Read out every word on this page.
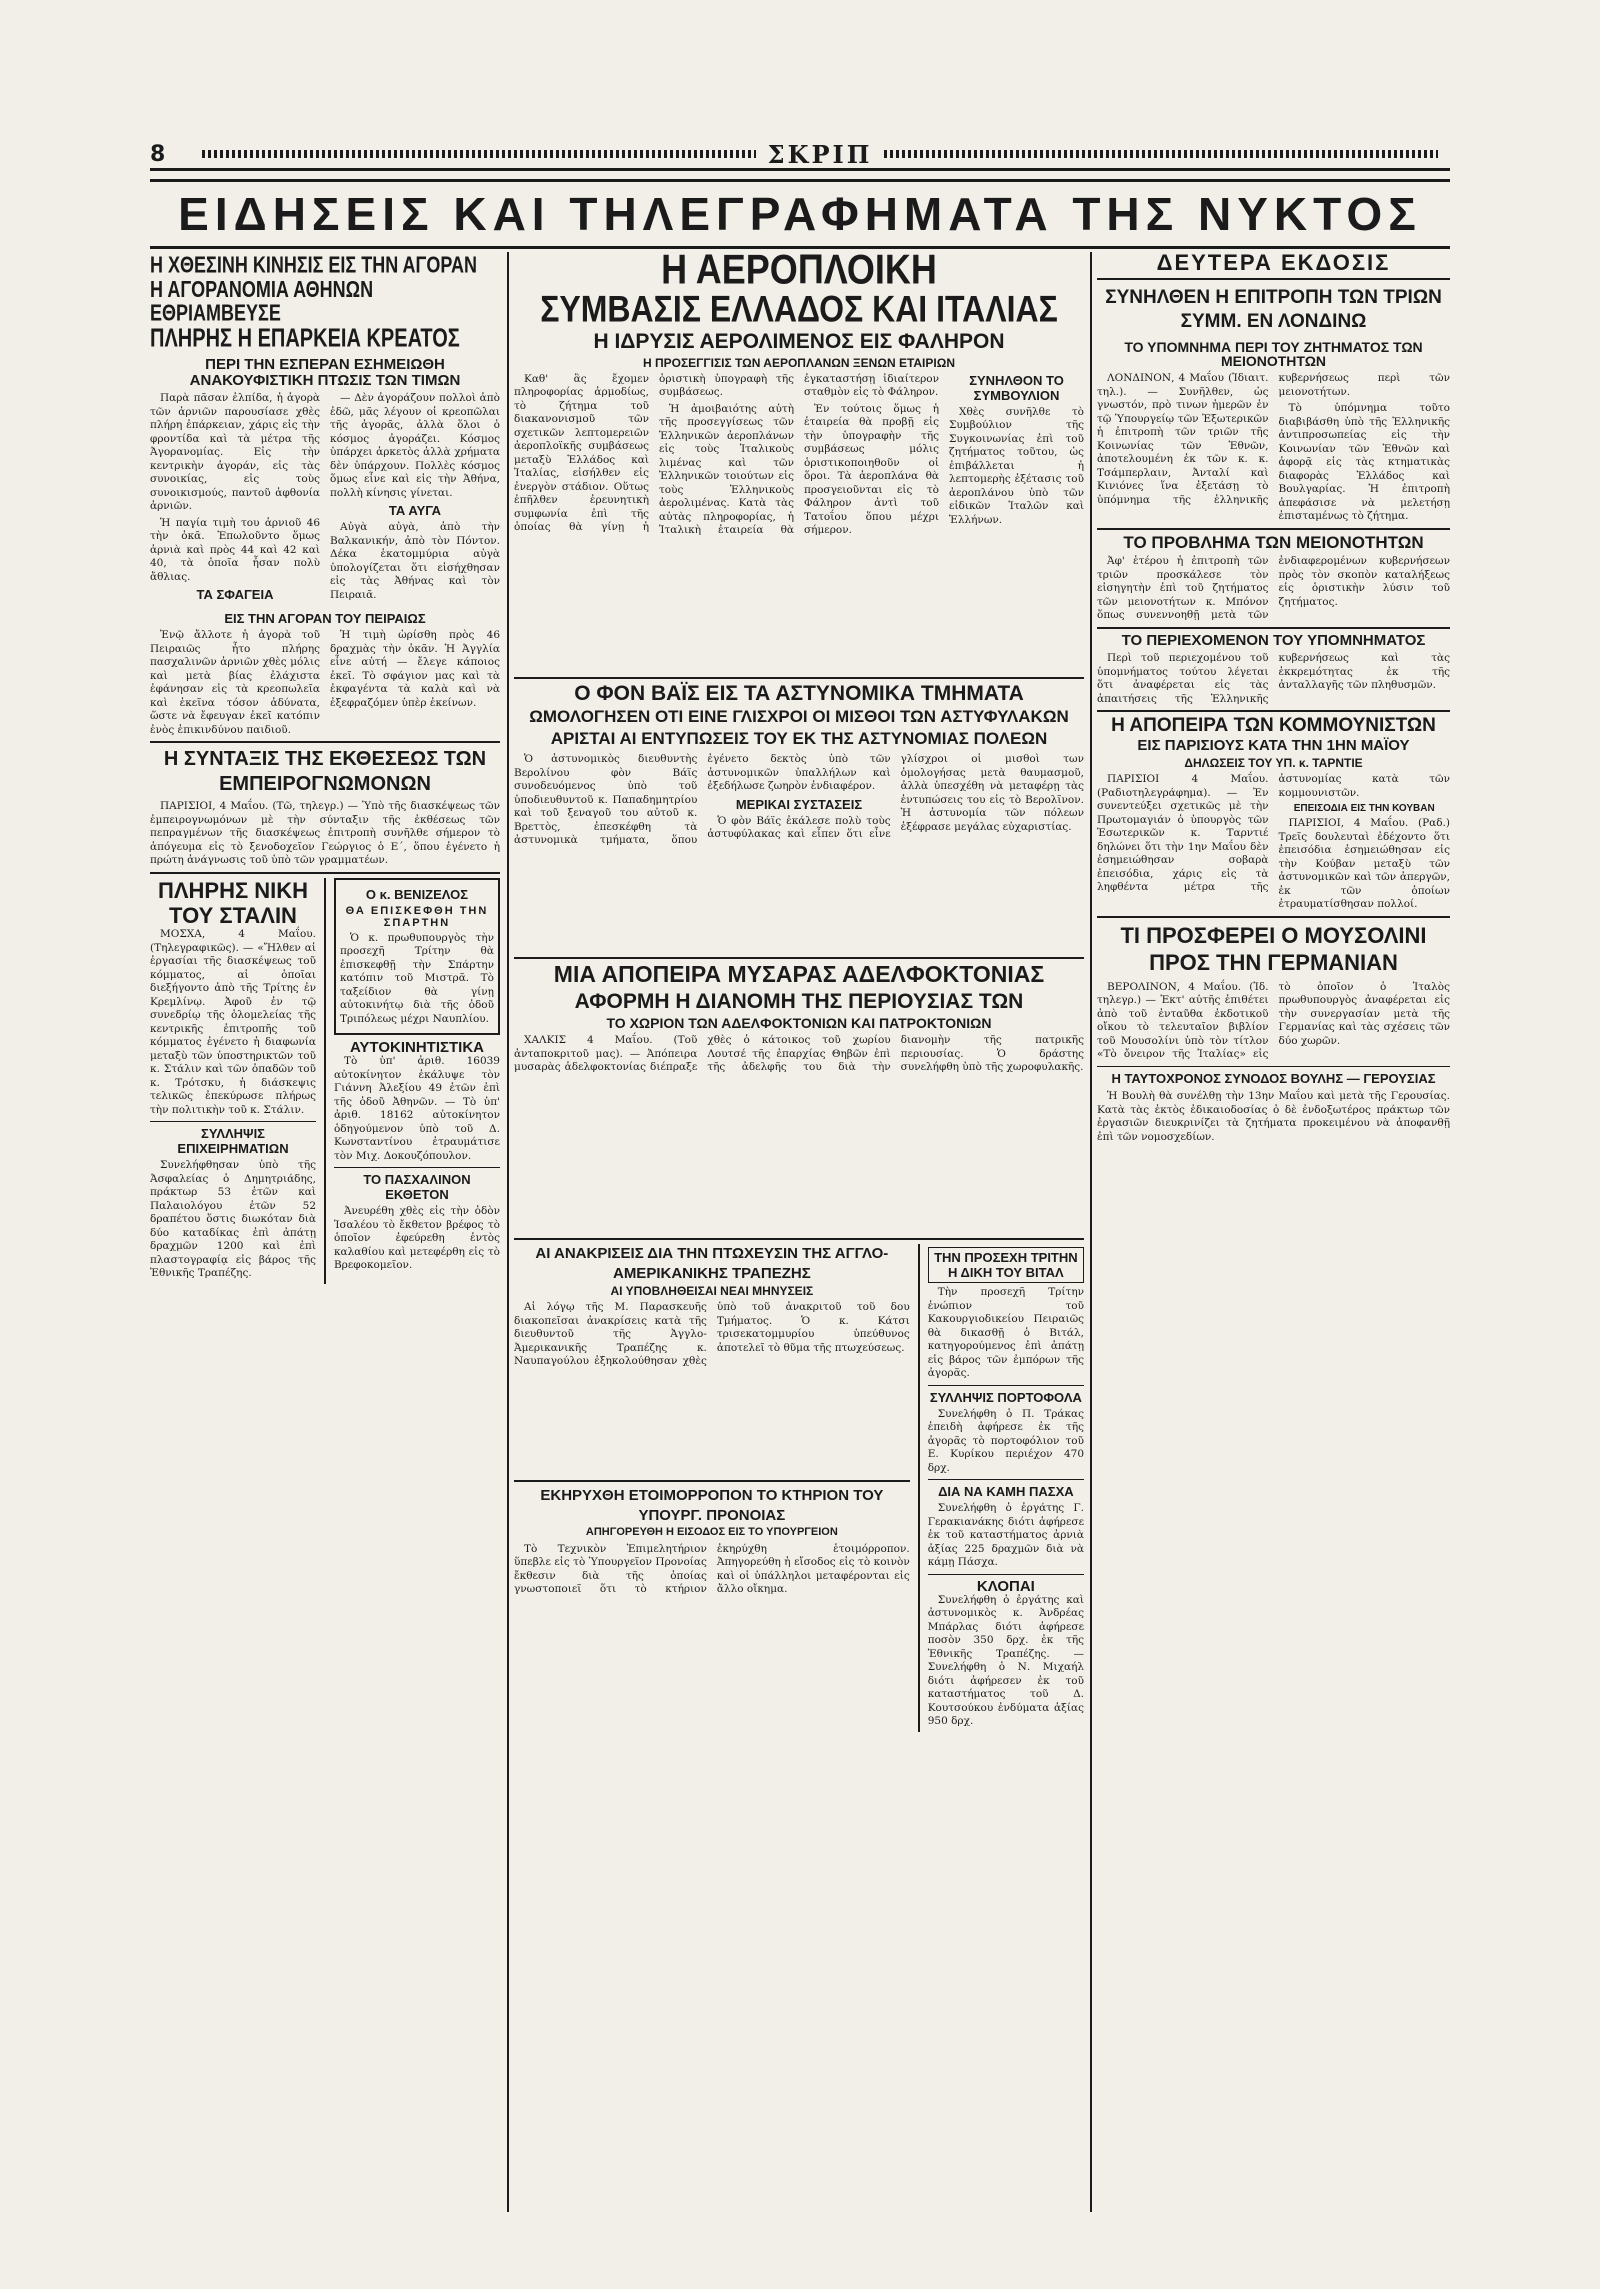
8	ΣΚΡΙΠ
ΕΙΔΗΣΕΙΣ ΚΑΙ ΤΗΛΕΓΡΑΦΗΜΑΤΑ ΤΗΣ ΝΥΚΤΟΣ
Η ΧΘΕΣΙΝΗ ΚΙΝΗΣΙΣ ΕΙΣ ΤΗΝ ΑΓΟΡΑΝ
Η ΑΓΟΡΑΝΟΜΙΑ ΑΘΗΝΩΝ ΕΘΡΙΑΜΒΕΥΣΕ
ΠΛΗΡΗΣ Η ΕΠΑΡΚΕΙΑ ΚΡΕΑΤΟΣ
ΠΕΡΙ ΤΗΝ ΕΣΠΕΡΑΝ ΕΣΗΜΕΙΩΘΗ
ΑΝΑΚΟΥΦΙΣΤΙΚΗ ΠΤΩΣΙΣ ΤΩΝ ΤΙΜΩΝ

Παρὰ πᾶσαν ἐλπίδα, ἡ ἀγορὰ τῶν ἀρνιῶν παρουσίασε χθὲς πλήρη ἐπάρκειαν, χάρις εἰς τὴν φροντίδα καὶ τὰ μέτρα τῆς Ἀγορανομίας. Εἰς τὴν κεντρικὴν ἀγοράν, εἰς τὰς συνοικίας, εἰς τοὺς συνοικισμούς, παντοῦ ἀφθονία ἀρνιῶν.

Ἡ παγία τιμὴ του ἀρνιοῦ 46 τὴν ὀκᾶ. Ἐπωλοῦντο ὅμως ἀρνιὰ καὶ πρὸς 44 καὶ 42 καὶ 40, τὰ ὁποῖα ἦσαν πολὺ ἄθλιας.

ΤΑ ΣΦΑΓΕΙΑ

— Δὲν ἀγοράζουν πολλοὶ ἀπὸ ἐδῶ, μᾶς λέγουν οἱ κρεοπῶλαι τῆς ἀγορᾶς, ἀλλὰ ὅλοι ὁ κόσμος ἀγοράζει. Κόσμος ὑπάρχει ἀρκετὸς ἀλλὰ χρήματα δὲν ὑπάρχουν. Πολλὲς κόσμος ὅμως εἶνε καὶ εἰς τὴν Ἀθήνα, πολλὴ κίνησις γίνεται.

ΤΑ ΑΥΓΑ

Αὐγὰ αὐγὰ, ἀπὸ τὴν Βαλκανικήν, ἀπὸ τὸν Πόντον. Δέκα ἑκατομμύρια αὐγὰ ὑπολογίζεται ὅτι εἰσήχθησαν εἰς τὰς Ἀθήνας καὶ τὸν Πειραιᾶ.

ΕΙΣ ΤΗΝ ΑΓΟΡΑΝ ΤΟΥ ΠΕΙΡΑΙΩΣ

Ἐνῷ ἄλλοτε ἡ ἀγορὰ τοῦ Πειραιῶς ἦτο πλήρης πασχαλινῶν ἀρνιῶν χθὲς μόλις καὶ μετὰ βίας ἐλάχιστα ἐφάνησαν εἰς τὰ κρεοπωλεῖα καὶ ἐκεῖνα τόσον ἀδύνατα, ὥστε νὰ ἔφευγαν ἐκεῖ κατόπιν ἐνὸς ἐπικινδύνου παιδιοῦ.

Ἡ τιμὴ ὡρίσθη πρὸς 46 δραχμὰς τὴν ὀκᾶν. Ἡ Ἀγγλία εἶνε αὐτή — ἔλεγε κάποιος ἐκεῖ. Τὸ σφάγιον μας καὶ τὰ ἐκφαγέντα τὰ καλὰ καὶ νὰ ἐξεφραζόμεν ὑπὲρ ἐκείνων.

Η ΣΥΝΤΑΞΙΣ ΤΗΣ ΕΚΘΕΣΕΩΣ ΤΩΝ ΕΜΠΕΙΡΟΓΝΩΜΟΝΩΝ

ΠΑΡΙΣΙΟΙ, 4 Μαΐου. (Τῶ, τηλεγρ.) — Ὑπὸ τῆς διασκέψεως τῶν ἐμπειρογνωμόνων μὲ τὴν σύνταξιν τῆς ἐκθέσεως τῶν πεπραγμένων τῆς διασκέψεως ἐπιτροπὴ συνῆλθε σήμερον τὸ ἀπόγευμα εἰς τὸ ξενοδοχεῖον Γεώργιος ὁ Ε΄, ὅπου ἐγένετο ἡ πρώτη ἀνάγνωσις τοῦ ὑπὸ τῶν γραμματέων.

ΠΛΗΡΗΣ ΝΙΚΗ ΤΟΥ ΣΤΑΛΙΝ

ΜΟΣΧΑ, 4 Μαΐου. (Τηλεγραφικῶς). — «Ἤλθεν αἱ ἐργασίαι τῆς διασκέψεως τοῦ κόμματος, αἱ ὁποῖαι διεξήγοντο ἀπὸ τῆς Τρίτης ἐν Κρεμλίνῳ. Ἀφοῦ ἐν τῷ συνεδρίῳ τῆς ὁλομελείας τῆς κεντρικῆς ἐπιτροπῆς τοῦ κόμματος ἐγένετο ἡ διαφωνία μεταξὺ τῶν ὑποστηρικτῶν τοῦ κ. Στάλιν καὶ τῶν ὀπαδῶν τοῦ κ. Τρότσκυ, ἡ διάσκεψις τελικῶς ἐπεκύρωσε πλήρως τὴν πολιτικὴν τοῦ κ. Στάλιν.

ΣΥΛΛΗΨΙΣ ΕΠΙΧΕΙΡΗΜΑΤΙΩΝ

Συνελήφθησαν ὑπὸ τῆς Ἀσφαλείας ὁ Δημητριάδης, πράκτωρ 53 ἐτῶν καὶ Παλαιολόγου ἐτῶν 52 δραπέτου ὅστις διωκόταν διὰ δύο καταδίκας ἐπὶ ἀπάτῃ δραχμῶν 1200 καὶ ἐπὶ πλαστογραφίᾳ εἰς βάρος τῆς Ἐθνικῆς Τραπέζης.

Ο κ. ΒΕΝΙΖΕΛΟΣ
ΘΑ ΕΠΙΣΚΕΦΘΗ ΤΗΝ ΣΠΑΡΤΗΝ

Ὁ κ. πρωθυπουργὸς τὴν προσεχῆ Τρίτην θὰ ἐπισκεφθῇ τὴν Σπάρτην κατόπιν τοῦ Μιστρᾶ. Τὸ ταξείδιον θὰ γίνῃ αὐτοκινήτῳ διὰ τῆς ὁδοῦ Τριπόλεως μέχρι Ναυπλίου.

ΑΥΤΟΚΙΝΗΤΙΣΤΙΚΑ

Τὸ ὑπ' ἀριθ. 16039 αὐτοκίνητον ἐκάλυψε τὸν Γιάννη Ἀλεξίου 49 ἐτῶν ἐπὶ τῆς ὁδοῦ Ἀθηνῶν. — Τὸ ὑπ' ἀριθ. 18162 αὐτοκίνητον ὁδηγούμενον ὑπὸ τοῦ Δ. Κωνσταντίνου ἐτραυμάτισε τὸν Μιχ. Δοκουζόπουλον.

ΤΟ ΠΑΣΧΑΛΙΝΟΝ ΕΚΘΕΤΟΝ

Ἀνευρέθη χθὲς εἰς τὴν ὁδὸν Ἰσαλέου τὸ ἔκθετον βρέφος τὸ ὁποῖον ἐφεύρεθη ἐντὸς καλαθίου καὶ μετεφέρθη εἰς τὸ Βρεφοκομεῖον.

Η ΑΕΡΟΠΛΟΙΚΗ
ΣΥΜΒΑΣΙΣ ΕΛΛΑΔΟΣ ΚΑΙ ΙΤΑΛΙΑΣ
Η ΙΔΡΥΣΙΣ ΑΕΡΟΛΙΜΕΝΟΣ ΕΙΣ ΦΑΛΗΡΟΝ
Η ΠΡΟΣΕΓΓΙΣΙΣ ΤΩΝ ΑΕΡΟΠΛΑΝΩΝ ΞΕΝΩΝ ΕΤΑΙΡΙΩΝ

Καθ' ἃς ἔχομεν πληροφορίας ἀρμοδίως, τὸ ζήτημα τοῦ διακανονισμοῦ τῶν σχετικῶν λεπτομερειῶν ἀεροπλοϊκῆς συμβάσεως μεταξὺ Ἑλλάδος καὶ Ἰταλίας, εἰσήλθεν εἰς ἐνεργὸν στάδιον. Οὕτως ἐπῆλθεν ἐρευνητικὴ συμφωνία ἐπὶ τῆς ὁποίας θὰ γίνῃ ἡ ὁριστικὴ ὑπογραφὴ τῆς συμβάσεως.

Ἡ ἀμοιβαιότης αὐτὴ τῆς προσεγγίσεως τῶν Ἑλληνικῶν ἀεροπλάνων εἰς τοὺς Ἰταλικοὺς λιμένας καὶ τῶν Ἑλληνικῶν τοιούτων εἰς τοὺς Ἑλληνικοὺς ἀερολιμένας. Κατὰ τὰς αὐτὰς πληροφορίας, ἡ Ἰταλικὴ ἐταιρεία θὰ ἐγκαταστήσῃ ἰδιαίτερον σταθμὸν εἰς τὸ Φάληρον.

Ἐν τούτοις ὅμως ἡ ἐταιρεία θὰ προβῇ εἰς τὴν ὑπογραφὴν τῆς συμβάσεως μόλις ὁριστικοποιηθοῦν οἱ ὅροι. Τὰ ἀεροπλάνα θὰ προσγειοῦνται εἰς τὸ Φάληρον ἀντὶ τοῦ Τατοΐου ὅπου μέχρι σήμερον.

ΣΥΝΗΛΘΟΝ ΤΟ ΣΥΜΒΟΥΛΙΟΝ

Χθὲς συνῆλθε τὸ Συμβούλιον τῆς Συγκοινωνίας ἐπὶ τοῦ ζητήματος τοῦτου, ὡς ἐπιβάλλεται ἡ λεπτομερὴς ἐξέτασις τοῦ ἀεροπλάνου ὑπὸ τῶν εἰδικῶν Ἰταλῶν καὶ Ἑλλήνων.

Ο ΦΟΝ ΒΑΪΣ ΕΙΣ ΤΑ ΑΣΤΥΝΟΜΙΚΑ ΤΜΗΜΑΤΑ
ΩΜΟΛΟΓΗΣΕΝ ΟΤΙ ΕΙΝΕ ΓΛΙΣΧΡΟΙ ΟΙ ΜΙΣΘΟΙ ΤΩΝ ΑΣΤΥΦΥΛΑΚΩΝ
ΑΡΙΣΤΑΙ ΑΙ ΕΝΤΥΠΩΣΕΙΣ ΤΟΥ ΕΚ ΤΗΣ ΑΣΤΥΝΟΜΙΑΣ ΠΟΛΕΩΝ

Ὁ ἀστυνομικὸς διευθυντὴς Βερολίνου φὸν Βάϊς συνοδευόμενος ὑπὸ τοῦ ὑποδιευθυντοῦ κ. Παπαδημητρίου καὶ τοῦ ξεναγοῦ του αὐτοῦ κ. Βρεττὸς, ἐπεσκέφθη τὰ ἀστυνομικὰ τμήματα, ὅπου ἐγένετο δεκτὸς ὑπὸ τῶν ἀστυνομικῶν ὑπαλλήλων καὶ ἐξεδήλωσε ζωηρὸν ἐνδιαφέρον.

ΜΕΡΙΚΑΙ ΣΥΣΤΑΣΕΙΣ

Ὁ φὸν Βάϊς ἐκάλεσε πολὺ τοὺς ἀστυφύλακας καὶ εἶπεν ὅτι εἶνε γλίσχροι οἱ μισθοὶ των ὁμολογήσας μετὰ θαυμασμοῦ, ἀλλὰ ὑπεσχέθη νὰ μεταφέρῃ τὰς ἐντυπώσεις του εἰς τὸ Βερολῖνον. Ἡ ἀστυνομία τῶν πόλεων ἐξέφρασε μεγάλας εὐχαριστίας.

ΜΙΑ ΑΠΟΠΕΙΡΑ ΜΥΣΑΡΑΣ ΑΔΕΛΦΟΚΤΟΝΙΑΣ
ΑΦΟΡΜΗ Η ΔΙΑΝΟΜΗ ΤΗΣ ΠΕΡΙΟΥΣΙΑΣ ΤΩΝ
ΤΟ ΧΩΡΙΟΝ ΤΩΝ ΑΔΕΛΦΟΚΤΟΝΙΩΝ ΚΑΙ ΠΑΤΡΟΚΤΟΝΙΩΝ

ΧΑΛΚΙΣ 4 Μαΐου. (Τοῦ ἀνταποκριτοῦ μας). — Ἀπόπειρα μυσαρὰς ἀδελφοκτονίας διέπραξε χθὲς ὁ κάτοικος τοῦ χωρίου Λουτσέ τῆς ἐπαρχίας Θηβῶν ἐπὶ τῆς ἀδελφῆς του διὰ τὴν διανομὴν τῆς πατρικῆς περιουσίας. Ὁ δράστης συνελήφθη ὑπὸ τῆς χωροφυλακῆς.

ΑΙ ΑΝΑΚΡΙΣΕΙΣ ΔΙΑ ΤΗΝ ΠΤΩΧΕΥΣΙΝ ΤΗΣ ΑΓΓΛΟ-ΑΜΕΡΙΚΑΝΙΚΗΣ ΤΡΑΠΕΖΗΣ
ΑΙ ΥΠΟΒΛΗΘΕΙΣΑΙ ΝΕΑΙ ΜΗΝΥΣΕΙΣ

Αἱ λόγῳ τῆς Μ. Παρασκευῆς διακοπεῖσαι ἀνακρίσεις κατὰ τῆς διευθυντοῦ τῆς Ἀγγλο-Ἀμερικανικῆς Τραπέζης κ. Ναυπαγούλου ἐξηκολούθησαν χθὲς ὑπὸ τοῦ ἀνακριτοῦ τοῦ δου Τμήματος. Ὁ κ. Κάτσι τρισεκατομμυρίου ὑπεύθυνος ἀποτελεῖ τὸ θῦμα τῆς πτωχεύσεως.

ΕΚΗΡΥΧΘΗ ΕΤΟΙΜΟΡΡΟΠΟΝ ΤΟ ΚΤΗΡΙΟΝ ΤΟΥ ΥΠΟΥΡΓ. ΠΡΟΝΟΙΑΣ
ΑΠΗΓΟΡΕΥΘΗ Η ΕΙΣΟΔΟΣ ΕΙΣ ΤΟ ΥΠΟΥΡΓΕΙΟΝ

Τὸ Τεχνικὸν Ἐπιμελητήριον ὕπεβλε εἰς τὸ Ὑπουργεῖον Προνοίας ἔκθεσιν διὰ τῆς ὁποίας γνωστοποιεῖ ὅτι τὸ κτήριον ἐκηρύχθη ἑτοιμόρροπον. Ἀπηγορεύθη ἡ εἴσοδος εἰς τὸ κοινὸν καὶ οἱ ὑπάλληλοι μεταφέρονται εἰς ἄλλο οἴκημα.

ΤΗΝ ΠΡΟΣΕΧΗ ΤΡΙΤΗΝ Η ΔΙΚΗ ΤΟΥ ΒΙΤΑΛ

Τὴν προσεχῆ Τρίτην ἐνώπιον τοῦ Κακουργιοδικείου Πειραιῶς θὰ δικασθῇ ὁ Βιτάλ, κατηγορούμενος ἐπὶ ἀπάτῃ εἰς βάρος τῶν ἐμπόρων τῆς ἀγορᾶς.

ΣΥΛΛΗΨΙΣ ΠΟΡΤΟΦΟΛΑ

Συνελήφθη ὁ Π. Τράκας ἐπειδὴ ἀφήρεσε ἐκ τῆς ἀγορᾶς τὸ πορτοφόλιον τοῦ Ε. Κυρίκου περιέχον 470 δρχ.

ΔΙΑ ΝΑ ΚΑΜΗ ΠΑΣΧΑ

Συνελήφθη ὁ ἐργάτης Γ. Γερακιανάκης διότι ἀφήρεσε ἐκ τοῦ καταστήματος ἀρνιὰ ἀξίας 225 δραχμῶν διὰ νὰ κάμῃ Πάσχα.

ΚΛΟΠΑΙ

Συνελήφθη ὁ ἐργάτης καὶ ἀστυνομικὸς κ. Ἀνδρέας Μπάρλας διότι ἀφήρεσε ποσὸν 350 δρχ. ἐκ τῆς Ἐθνικῆς Τραπέζης. — Συνελήφθη ὁ Ν. Μιχαήλ διότι ἀφήρεσεν ἐκ τοῦ καταστήματος τοῦ Δ. Κουτσούκου ἐνδύματα ἀξίας 950 δρχ.

ΔΕΥΤΕΡΑ ΕΚΔΟΣΙΣ
ΣΥΝΗΛΘΕΝ Η ΕΠΙΤΡΟΠΗ ΤΩΝ ΤΡΙΩΝ ΣΥΜΜ. ΕΝ ΛΟΝΔΙΝΩ
ΤΟ ΥΠΟΜΝΗΜΑ ΠΕΡΙ ΤΟΥ ΖΗΤΗΜΑΤΟΣ ΤΩΝ ΜΕΙΟΝΟΤΗΤΩΝ

ΛΟΝΔΙΝΟΝ, 4 Μαΐου (Ἰδιαιτ. τηλ.). — Συνῆλθεν, ὡς γνωστόν, πρὸ τινων ἡμερῶν ἐν τῷ Ὑπουργείῳ τῶν Ἐξωτερικῶν ἡ ἐπιτροπὴ τῶν τριῶν τῆς Κοινωνίας τῶν Ἐθνῶν, ἀποτελουμένη ἐκ τῶν κ. κ. Τσάμπερλαιν, Ἀνταλί καὶ Κινιόνες ἵνα ἐξετάσῃ τὸ ὑπόμνημα τῆς ἑλληνικῆς κυβερνήσεως περὶ τῶν μειονοτήτων.

Τὸ ὑπόμνημα τοῦτο διαβιβάσθη ὑπὸ τῆς Ἑλληνικῆς ἀντιπροσωπείας εἰς τὴν Κοινωνίαν τῶν Ἐθνῶν καὶ ἀφορᾷ εἰς τὰς κτηματικὰς διαφορὰς Ἑλλάδος καὶ Βουλγαρίας. Ἡ ἐπιτροπὴ ἀπεφάσισε νὰ μελετήσῃ ἐπισταμένως τὸ ζήτημα.

ΤΟ ΠΡΟΒΛΗΜΑ ΤΩΝ ΜΕΙΟΝΟΤΗΤΩΝ

Ἀφ' ἑτέρου ἡ ἐπιτροπὴ τῶν τριῶν προσκάλεσε τὸν εἰσηγητὴν ἐπὶ τοῦ ζητήματος τῶν μειονοτήτων κ. Μπόνον ὅπως συνεννοηθῇ μετὰ τῶν ἐνδιαφερομένων κυβερνήσεων πρὸς τὸν σκοπὸν καταλήξεως εἰς ὁριστικὴν λύσιν τοῦ ζητήματος.

ΤΟ ΠΕΡΙΕΧΟΜΕΝΟΝ ΤΟΥ ΥΠΟΜΝΗΜΑΤΟΣ

Περὶ τοῦ περιεχομένου τοῦ ὑπομνήματος τούτου λέγεται ὅτι ἀναφέρεται εἰς τὰς ἀπαιτήσεις τῆς Ἑλληνικῆς κυβερνήσεως καὶ τὰς ἐκκρεμότητας ἐκ τῆς ἀνταλλαγῆς τῶν πληθυσμῶν.

Η ΑΠΟΠΕΙΡΑ ΤΩΝ ΚΟΜΜΟΥΝΙΣΤΩΝ
ΕΙΣ ΠΑΡΙΣΙΟΥΣ ΚΑΤΑ ΤΗΝ 1ΗΝ ΜΑΪΟΥ
ΔΗΛΩΣΕΙΣ ΤΟΥ ΥΠ. κ. ΤΑΡΝΤΙΕ

ΠΑΡΙΣΙΟΙ 4 Μαΐου. (Ραδιοτηλεγράφημα). — Ἐν συνεντεύξει σχετικῶς μὲ τὴν Πρωτομαγιάν ὁ ὑπουργὸς τῶν Ἐσωτερικῶν κ. Ταρντιέ δηλώνει ὅτι τὴν 1ην Μαΐου δὲν ἐσημειώθησαν σοβαρὰ ἐπεισόδια, χάρις εἰς τὰ ληφθέντα μέτρα τῆς ἀστυνομίας κατὰ τῶν κομμουνιστῶν.

ΕΠΕΙΣΟΔΙΑ ΕΙΣ ΤΗΝ ΚΟΥΒΑΝ

ΠΑΡΙΣΙΟΙ, 4 Μαΐου. (Ραδ.) Τρεῖς δουλευταὶ ἐδέχοντο ὅτι ἐπεισόδια ἐσημειώθησαν εἰς τὴν Κούβαν μεταξὺ τῶν ἀστυνομικῶν καὶ τῶν ἀπεργῶν, ἐκ τῶν ὁποίων ἐτραυματίσθησαν πολλοί.

ΤΙ ΠΡΟΣΦΕΡΕΙ Ο ΜΟΥΣΟΛΙΝΙ ΠΡΟΣ ΤΗΝ ΓΕΡΜΑΝΙΑΝ

ΒΕΡΟΛΙΝΟΝ, 4 Μαΐου. (Ἰδ. τηλεγρ.) — Ἐκτ' αὐτῆς ἐπιθέτει ἀπὸ τοῦ ἐνταῦθα ἐκδοτικοῦ οἴκου τὸ τελευταῖον βιβλίον τοῦ Μουσολίνι ὑπὸ τὸν τίτλον «Τὸ ὄνειρον τῆς Ἰταλίας» εἰς τὸ ὁποῖον ὁ Ἰταλὸς πρωθυπουργὸς ἀναφέρεται εἰς τὴν συνεργασίαν μετὰ τῆς Γερμανίας καὶ τὰς σχέσεις τῶν δύο χωρῶν.

Η ΤΑΥΤΟΧΡΟΝΟΣ ΣΥΝΟΔΟΣ ΒΟΥΛΗΣ — ΓΕΡΟΥΣΙΑΣ

Ἡ Βουλὴ θὰ συνέλθῃ τὴν 13ην Μαΐου καὶ μετὰ τῆς Γερουσίας. Κατὰ τὰς ἐκτὸς ἐδικαιοδοσίας ὁ δὲ ἐνδοξωτέρος πράκτωρ τῶν ἐργασιῶν διευκρινίζει τὰ ζητήματα προκειμένου νὰ ἀποφανθῇ ἐπὶ τῶν νομοσχεδίων.
